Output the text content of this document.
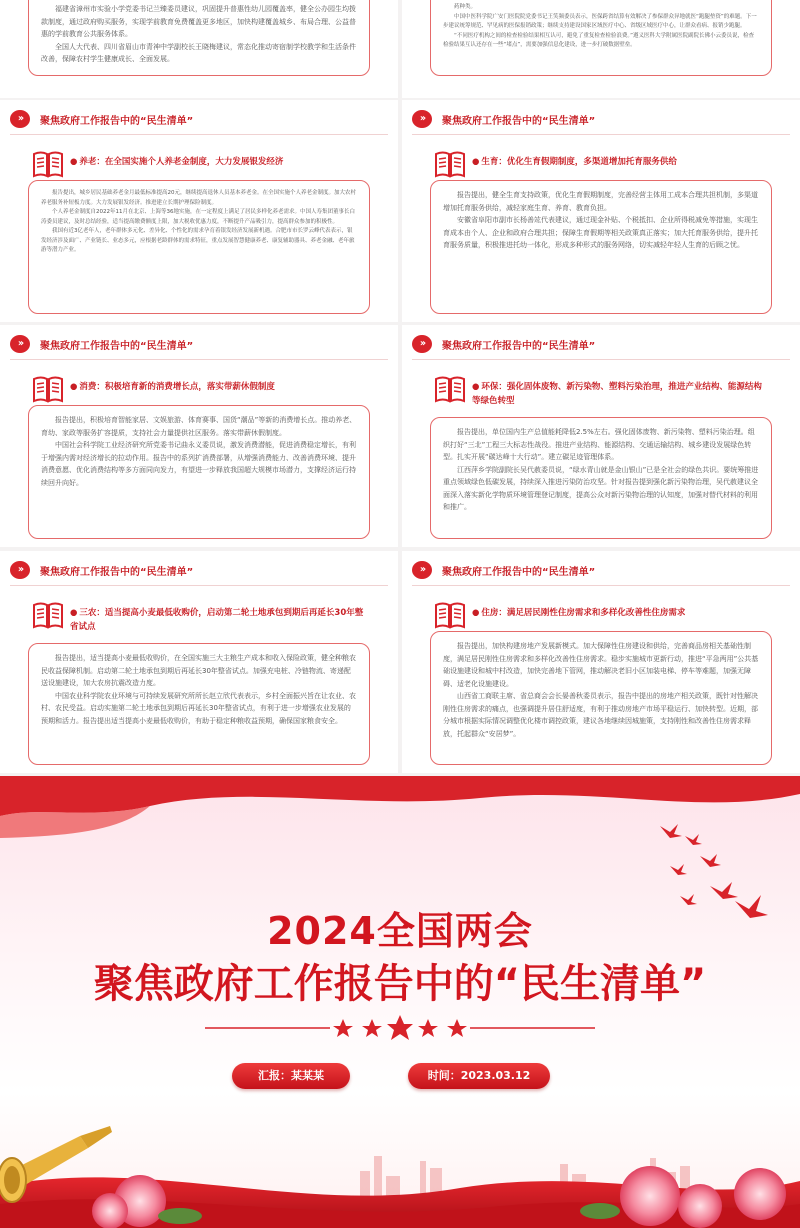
福建省漳州市实验小学党委书记兰臻委员建议，巩固提升普惠性幼儿园覆盖率，健全公办园生均拨款制度，通过政府购买服务，实现学前教育免费覆盖更多地区，加快构建覆盖城乡、布局合理、公益普惠的学前教育公共服务体系。

全国人大代表、四川省眉山市青神中学副校长王晓梅建议，常态化推动寄宿制学校教学和生活条件改善，保障农村学生健康成长、全面发展。

药种类。

中国中医科学院广安门医院院党委书记王笑频委员表示，医保跨省结算有效解决了参保群众异地就医“跑腿垫资”的难题。下一步建议统筹规范、罕见病的医保报销政策；继续支持建设国家区域医疗中心、省级区域医疗中心，让群众看病、报销少跑腿。

“不同医疗机构之间的检查检验结果相互认可，避免了重复检查检验浪费。”遵义医科大学附属医院副院长佛小云委员说，检查检验结果互认还存在一些“堵点”，需要加强信息化建设，进一步打破数据壁垒。

››	聚焦政府工作报告中的“民生清单”
● 养老：在全国实施个人养老金制度，大力发展银发经济

报告提出，城乡居民基础养老金月最低标准提高20元，继续提高退休人员基本养老金。在全国实施个人养老金制度。加大农村养老服务补短板力度。大力发展银发经济。推进建立长期护理保险制度。

个人养老金制度自2022年11月在北京、上海等36地实施，在一定程度上满足了居民多样化养老需求。中国人寿集团董事长白涛委员建议，及时总结经验，适当提高缴费额度上限，加大税收优惠力度，不断提升产品吸引力，提高群众参加的积极性。

我国有近3亿老年人，老年群体多元化、差异化、个性化的需求孕育着银发经济发展新机遇。合肥市市长罗云峰代表表示，银发经济涉及面广、产业链长、业态多元，应根据老龄群体的需求特征，重点发展智慧健康养老、康复辅助器具、养老金融、老年旅游等潜力产业。

››	聚焦政府工作报告中的“民生清单”
● 生育：优化生育假期制度，多渠道增加托育服务供给

报告提出，健全生育支持政策，优化生育假期制度，完善经营主体用工成本合理共担机制，多渠道增加托育服务供给，减轻家庭生育、养育、教育负担。

安徽省阜阳市副市长杨善竑代表建议，通过现金补贴、个税抵扣、企业所得税减免等措施，实现生育成本由个人、企业和政府合理共担；保障生育假期等相关政策真正落实；加大托育服务供给，提升托育服务质量，积极推进托幼一体化，形成多种形式的服务网络，切实减轻年轻人生育的后顾之忧。

››	聚焦政府工作报告中的“民生清单”
● 消费：积极培育新的消费增长点，落实带薪休假制度

报告提出，积极培育智能家居、文娱旅游、体育赛事、国货“潮品”等新的消费增长点。推动养老、育幼、家政等服务扩容提质，支持社会力量提供社区服务。落实带薪休假制度。

中国社会科学院工业经济研究所党委书记曲永义委员说，激发消费潜能，促进消费稳定增长，有利于增强内需对经济增长的拉动作用。报告中的系列扩消费部署，从增强消费能力、改善消费环境、提升消费意愿、优化消费结构等多方面同向发力，有望进一步释放我国超大规模市场潜力，支撑经济运行持续回升向好。

››	聚焦政府工作报告中的“民生清单”
● 环保：强化固体废物、新污染物、塑料污染治理，推进产业结构、能源结构等绿色转型

报告提出，单位国内生产总值能耗降低2.5%左右。强化固体废物、新污染物、塑料污染治理。组织打好“三北”工程三大标志性战役。推进产业结构、能源结构、交通运输结构、城乡建设发展绿色转型。扎实开展“碳达峰十大行动”。建立碳足迹管理体系。

江西萍乡学院副院长吴代赦委员说，“绿水青山就是金山银山”已是全社会的绿色共识。要统筹推进重点领域绿色低碳发展，持续深入推进污染防治攻坚。针对报告提到强化新污染物治理，吴代赦建议全面深入落实新化学物质环境管理登记制度，提高公众对新污染物治理的认知度，加强对替代材料的利用和推广。

››	聚焦政府工作报告中的“民生清单”
● 三农：适当提高小麦最低收购价，启动第二轮土地承包到期后再延长30年整省试点

报告提出，适当提高小麦最低收购价，在全国实施三大主粮生产成本和收入保险政策，健全种粮农民收益保障机制。启动第二轮土地承包到期后再延长30年整省试点。加强充电桩、冷链物流、寄递配送设施建设，加大农房抗震改造力度。

中国农业科学院农业环境与可持续发展研究所所长赵立欣代表表示，乡村全面振兴旨在让农业、农村、农民受益。启动实施第二轮土地承包到期后再延长30年整省试点，有利于进一步增强农业发展的预期和活力。报告提出适当提高小麦最低收购价，有助于稳定种粮收益预期，确保国家粮食安全。

››	聚焦政府工作报告中的“民生清单”
● 住房：满足居民刚性住房需求和多样化改善性住房需求

报告提出，加快构建房地产发展新模式。加大保障性住房建设和供给，完善商品房相关基础性制度，满足居民刚性住房需求和多样化改善性住房需求。稳步实施城市更新行动，推进“平急两用”公共基础设施建设和城中村改造，加快完善地下管网，推动解决老旧小区加装电梯、停车等难题，加强无障碍、适老化设施建设。

山西省工商联主席、省总商会会长晏善秋委员表示，报告中提出的房地产相关政策，既针对性解决刚性住房需求的痛点，也强调提升居住舒适度，有利于推动房地产市场平稳运行、加快转型。近期，部分城市根据实际情况调整优化楼市调控政策，建议各地继续因城施策，支持刚性和改善性住房需求释放，托起群众“安居梦”。

2024全国两会
聚焦政府工作报告中的“民生清单”
汇报：某某某	时间：2023.03.12
